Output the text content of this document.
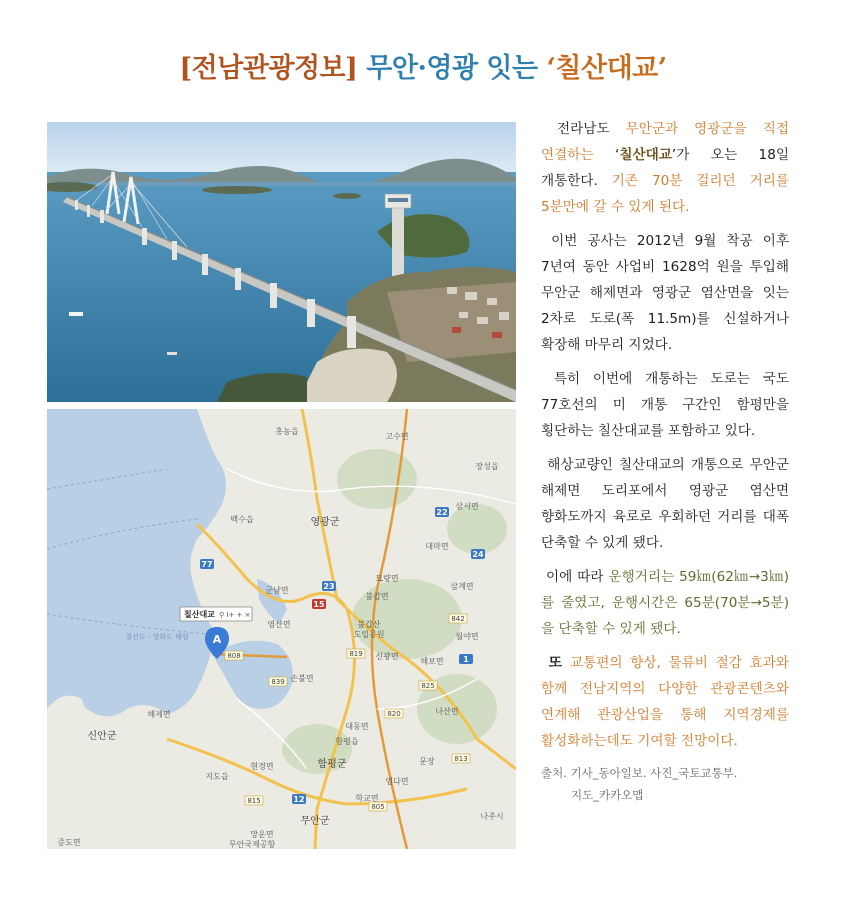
[전남관광정보] 무안·영광 잇는 ‘칠산대교’
77
23
15
22
24
12
1
808	819
825
815
839
842
813
820
805
영광군
함평군
신안군
무안군
군남면
염산면	불갑산
도립공원
해제면
나주시
불갑면
백수읍
홍농읍
대마면
묘량면
신광면
월야면
나산면
학교면
엄다면
지도읍
망운면
현경면
손불면
삼계면
장성읍
고수면
무안국제공항
증도면
해보면
삼서면
대동면
함평읍
문장
칠산도 - 향화도 해협
칠산대교 ⚲ I+ + ×
A

전라남도 무안군과 영광군을 직접 연결하는 ‘칠산대교’가 오는 18일 개통한다. 기존 70분 걸리던 거리를 5분만에 갈 수 있게 된다.

이번 공사는 2012년 9월 착공 이후 7년여 동안 사업비 1628억 원을 투입해 무안군 해제면과 영광군 염산면을 잇는 2차로 도로(폭 11.5m)를 신설하거나 확장해 마무리 지었다.

특히 이번에 개통하는 도로는 국도 77호선의 미 개통 구간인 함평만을 횡단하는 칠산대교를 포함하고 있다.

해상교량인 칠산대교의 개통으로 무안군 해제면 도리포에서 영광군 염산면 향화도까지 육로로 우회하던 거리를 대폭 단축할 수 있게 됐다.

이에 따라 운행거리는 59㎞(62㎞→3㎞)를 줄였고, 운행시간은 65분(70분→5분)을 단축할 수 있게 됐다.

또 교통편의 향상, 물류비 절감 효과와 함께 전남지역의 다양한 관광콘텐츠와 연계해 관광산업을 통해 지역경제를 활성화하는데도 기여할 전망이다.

출처. 기사_동아일보. 사진_국토교통부.
지도_카카오맵
